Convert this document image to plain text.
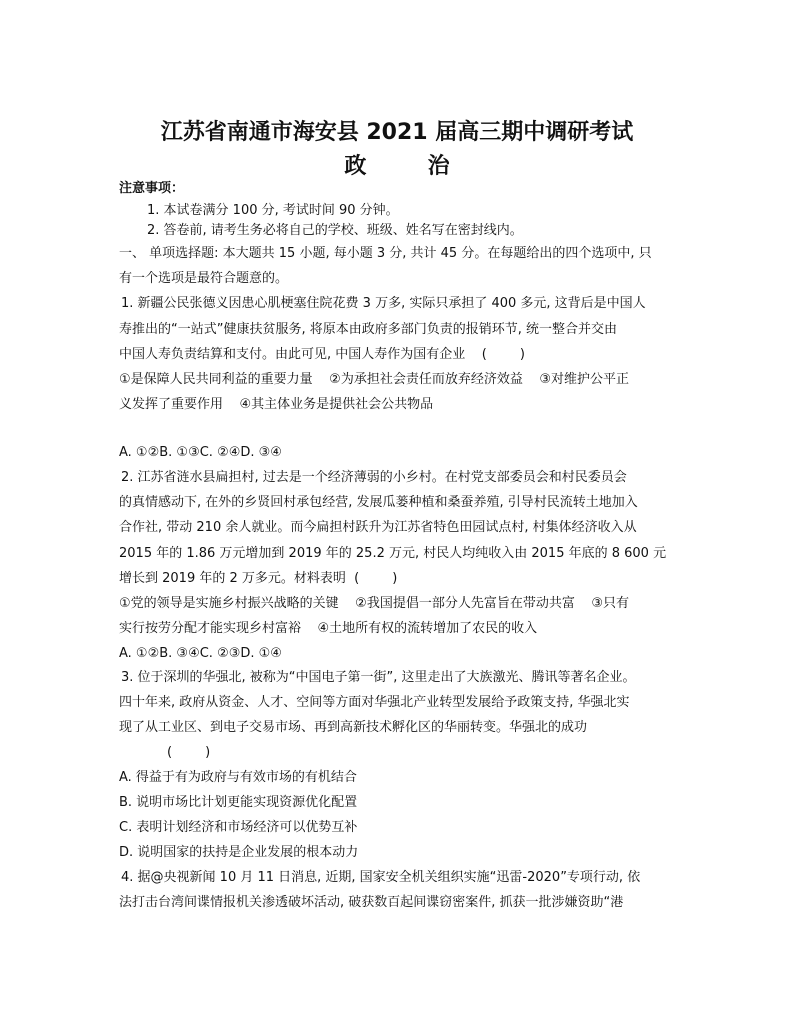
江苏省南通市海安县 2021 届高三期中调研考试
政        治
注意事项：
1. 本试卷满分 100 分, 考试时间 90 分钟。
2. 答卷前, 请考生务必将自己的学校、班级、姓名写在密封线内。
一、 单项选择题: 本大题共 15 小题, 每小题 3 分, 共计 45 分。在每题给出的四个选项中, 只
有一个选项是最符合题意的。
1. 新疆公民张德义因患心肌梗塞住院花费 3 万多, 实际只承担了 400 多元, 这背后是中国人
寿推出的“一站式”健康扶贫服务, 将原本由政府多部门负责的报销环节, 统一整合并交由
中国人寿负责结算和支付。由此可见, 中国人寿作为国有企业    (        )
①是保障人民共同利益的重要力量    ②为承担社会责任而放弃经济效益    ③对维护公平正
义发挥了重要作用    ④其主体业务是提供社会公共物品
A. ①②B. ①③C. ②④D. ③④
2. 江苏省涟水县扁担村, 过去是一个经济薄弱的小乡村。在村党支部委员会和村民委员会
的真情感动下, 在外的乡贤回村承包经营, 发展瓜蒌种植和桑蚕养殖, 引导村民流转土地加入
合作社, 带动 210 余人就业。而今扁担村跃升为江苏省特色田园试点村, 村集体经济收入从
2015 年的 1.86 万元增加到 2019 年的 25.2 万元, 村民人均纯收入由 2015 年底的 8 600 元
增长到 2019 年的 2 万多元。材料表明  (        )
①党的领导是实施乡村振兴战略的关键    ②我国提倡一部分人先富旨在带动共富    ③只有
实行按劳分配才能实现乡村富裕    ④土地所有权的流转增加了农民的收入
A. ①②B. ③④C. ②③D. ①④
3. 位于深圳的华强北, 被称为“中国电子第一街”, 这里走出了大族激光、腾讯等著名企业。
四十年来, 政府从资金、人才、空间等方面对华强北产业转型发展给予政策支持, 华强北实
现了从工业区、到电子交易市场、再到高新技术孵化区的华丽转变。华强北的成功
(        )
A. 得益于有为政府与有效市场的有机结合
B. 说明市场比计划更能实现资源优化配置
C. 表明计划经济和市场经济可以优势互补
D. 说明国家的扶持是企业发展的根本动力
4. 据@央视新闻 10 月 11 日消息, 近期, 国家安全机关组织实施“迅雷-2020”专项行动, 依
法打击台湾间谍情报机关渗透破坏活动, 破获数百起间谍窃密案件, 抓获一批涉嫌资助“港
